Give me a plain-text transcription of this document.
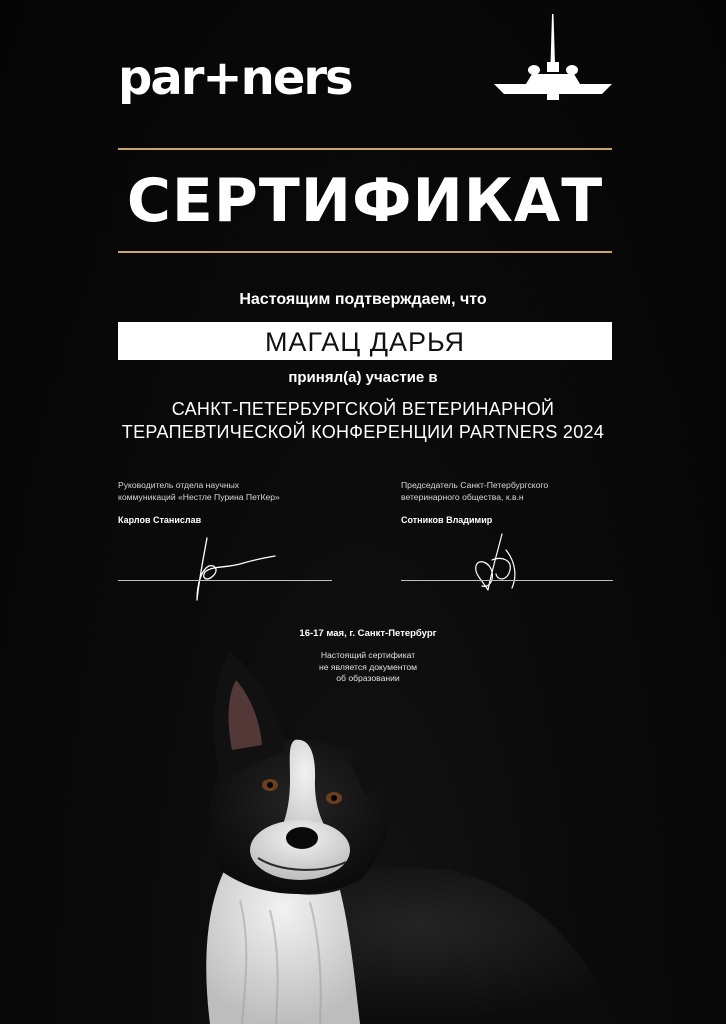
par+ners
СЕРТИФИКАТ
Настоящим подтверждаем, что
МАГАЦ ДАРЬЯ
принял(а) участие в
САНКТ-ПЕТЕРБУРГСКОЙ ВЕТЕРИНАРНОЙ
ТЕРАПЕВТИЧЕСКОЙ КОНФЕРЕНЦИИ PARTNERS 2024
Руководитель отдела научных
коммуникаций «Нестле Пурина ПетКер»
Карлов Станислав
Председатель Санкт-Петербургского
ветеринарного общества, к.в.н
Сотников Владимир
16-17 мая, г. Санкт-Петербург
Настоящий сертификат
не является документом
об образовании
